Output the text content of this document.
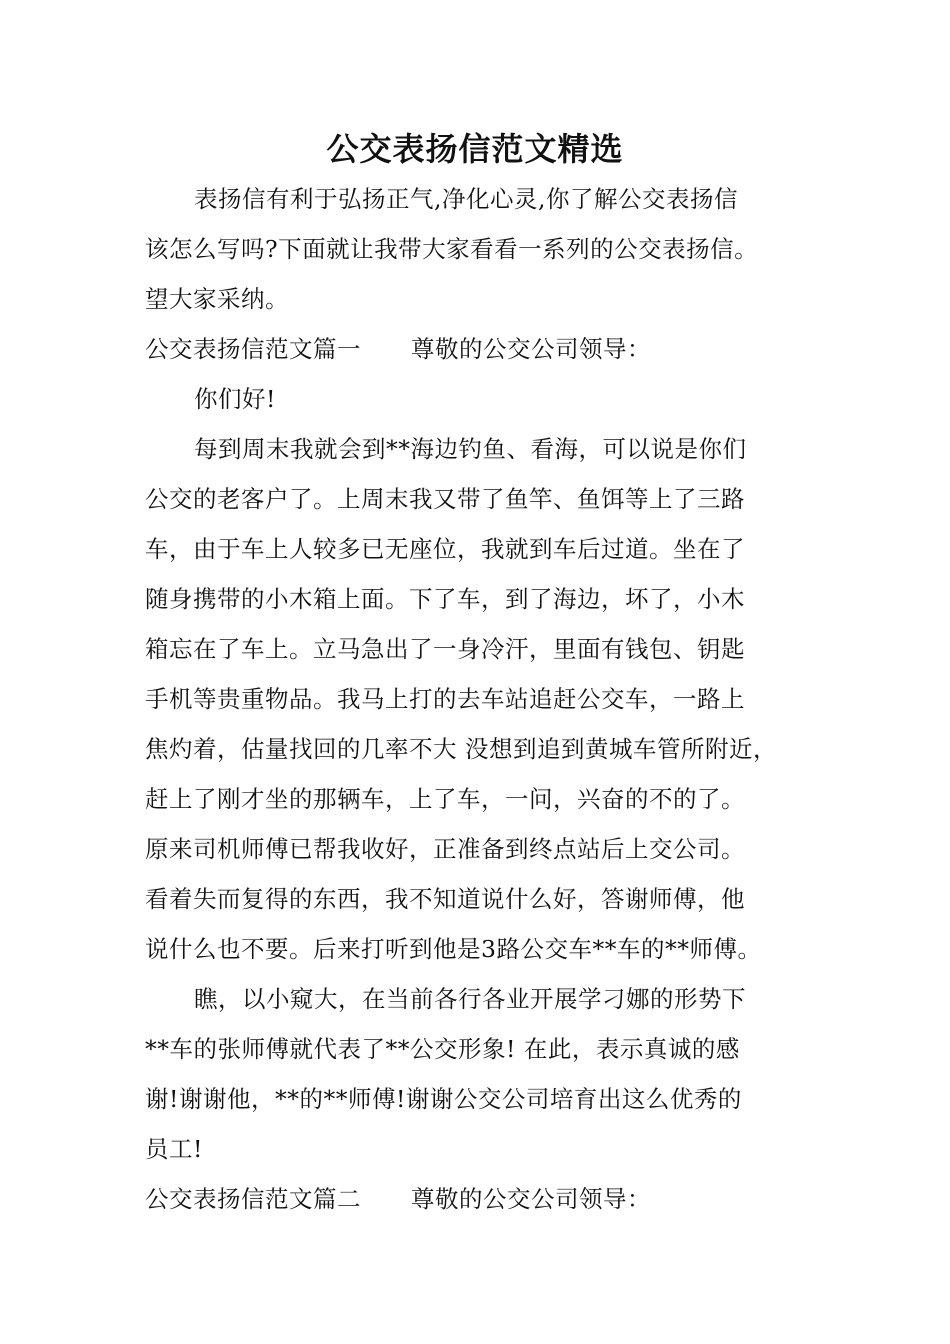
公交表扬信范文精选
表扬信有利于弘扬正气,净化心灵,你了解公交表扬信
该怎么写吗?下面就让我带大家看看一系列的公交表扬信。
望大家采纳。
公交表扬信范文篇一 尊敬的公交公司领导：
你们好!
每到周末我就会到**海边钓鱼、看海，可以说是你们
公交的老客户了。上周末我又带了鱼竿、鱼饵等上了三路
车，由于车上人较多已无座位，我就到车后过道。坐在了
随身携带的小木箱上面。下了车，到了海边，坏了，小木
箱忘在了车上。立马急出了一身冷汗，里面有钱包、钥匙
手机等贵重物品。我马上打的去车站追赶公交车，一路上
焦灼着，估量找回的几率不大 没想到追到黄城车管所附近，
赶上了刚才坐的那辆车，上了车，一问，兴奋的不的了。
原来司机师傅已帮我收好，正准备到终点站后上交公司。
看着失而复得的东西，我不知道说什么好，答谢师傅，他
说什么也不要。后来打听到他是3路公交车**车的**师傅。
瞧，以小窥大，在当前各行各业开展学刁娜的形势下
**车的张师傅就代表了**公交形象! 在此，表示真诚的感
谢!谢谢他，**的**师傅!谢谢公交公司培育出这么优秀的
员工!
公交表扬信范文篇二 尊敬的公交公司领导：
